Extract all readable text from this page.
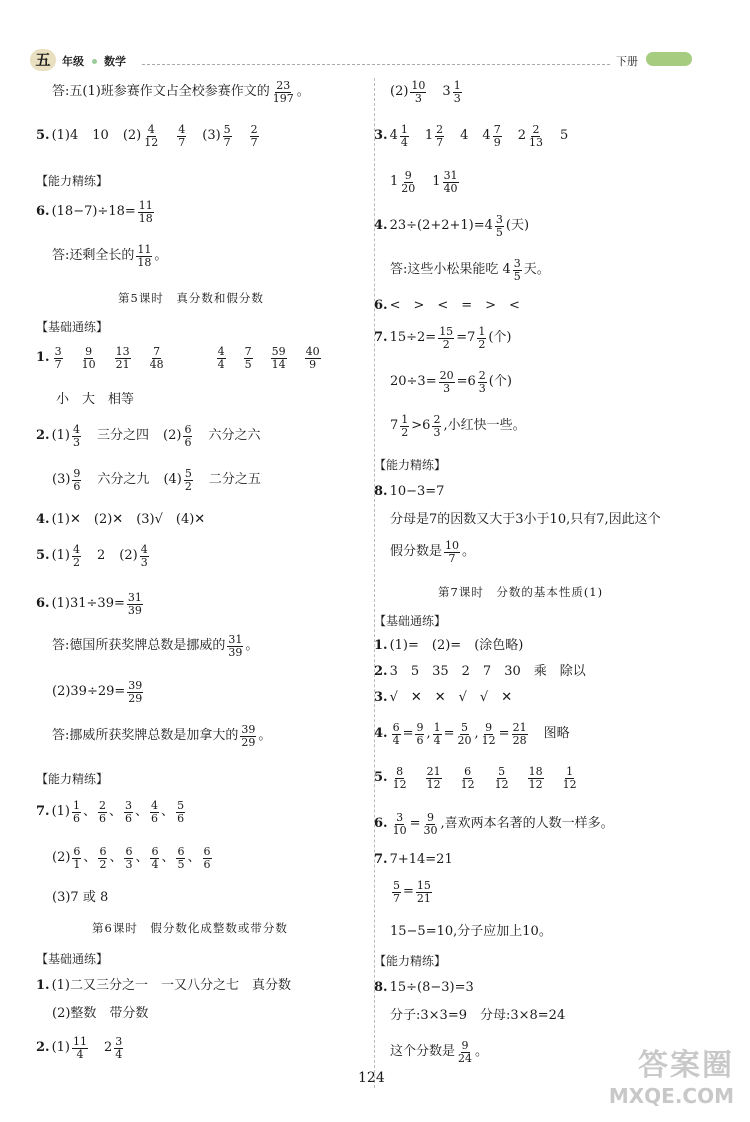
五	年级 数学	下册
答:五(1)班参赛作文占全校参赛作文的 $\frac{23}{197}$ 。
5. (1) 4 10 $(2) \frac{4}{12} \frac{4}{7} (3) \frac{5}{7} \frac{2}{7}$
【能力精练】
6. $(18-7)\div 18= \frac{11}{18}$
答:还剩全长的 $\frac{11}{18}$ 。
第5课时　真分数和假分数
【基础通练】
1. $\frac{3}{7} \frac{9}{10} \frac{13}{21} \frac{7}{48}$	$\frac{4}{4} \frac{7}{5} \frac{59}{14} \frac{40}{9}$
小　大　相等
2. $(1) \frac{4}{3}$ 三分之四 $(2) \frac{6}{6}$ 六分之六
$(3) \frac{9}{6}$ 六分之九 $(4) \frac{5}{2}$ 二分之五
4. (1)✕　(2)✕　(3)√　(4)✕
5. $(1) \frac{4}{2} 2$ $(2) \frac{4}{3}$
6. $(1)31\div 39= \frac{31}{39}$
答:德国所获奖牌总数是挪威的 $\frac{31}{39}$ 。
$(2)39\div 29= \frac{39}{29}$
答:挪威所获奖牌总数是加拿大的 $\frac{39}{29}$ 。
【能力精练】
7. $(1) \frac{1}{6}$ 、 $\frac{2}{6}$ 、 $\frac{3}{6}$ 、 $\frac{4}{6}$ 、 $\frac{5}{6}$
$(2) \frac{6}{1}$ 、 $\frac{6}{2}$ 、 $\frac{6}{3}$ 、 $\frac{6}{4}$ 、 $\frac{6}{5}$ 、 $\frac{6}{6}$
(3)7 或 8
第6课时　假分数化成整数或带分数
【基础通练】
1. (1)二又三分之一　一又八分之七　真分数
(2)整数　带分数
2. $(1) \frac{11}{4} 2 \frac{3}{4}$
$(2) \frac{10}{3} 3 \frac{1}{3}$
3. $4 \frac{1}{4} 1 \frac{2}{7} 4$ $4 \frac{7}{9} 2 \frac{2}{13} 5$
$1 \frac{9}{20} 1 \frac{31}{40}$
4. $23\div(2+2+1)=4 \frac{3}{5}$ (天)
答:这些小松果能吃 $4 \frac{3}{5}$ 天。
6. <　>　<　=　>　<
7. $15\div 2= \frac{15}{2} =7 \frac{1}{2}$ (个)
$20\div 3= \frac{20}{3} =6 \frac{2}{3}$ (个)
$7 \frac{1}{2} >6 \frac{2}{3}$ ,小红快一些。
【能力精练】
8. 10−3=7
分母是7的因数又大于3小于10,只有7,因此这个
假分数是 $\frac{10}{7}$ 。
第7课时　分数的基本性质(1)
【基础通练】
1. (1)=　(2)=　(涂色略)
2. 3　5　35　2　7　30　乘　除以
3. √　✕　✕　√　√　✕
4. $\frac{6}{4} = \frac{9}{6}$ , $\frac{1}{4} = \frac{5}{20}$ , $\frac{9}{12} = \frac{21}{28}$ 图略
5. $\frac{8}{12} \frac{21}{12} \frac{6}{12} \frac{5}{12} \frac{18}{12} \frac{1}{12}$
6. $\frac{3}{10} = \frac{9}{30}$ ,喜欢两本名著的人数一样多。
7. 7+14=21
$\frac{5}{7} = \frac{15}{21}$
15−5=10,分子应加上10。
【能力精练】
8. 15÷(8−3)=3
分子:3×3=9　分母:3×8=24
这个分数是 $\frac{9}{24}$ 。
124	答案圈
MXQE.COM
